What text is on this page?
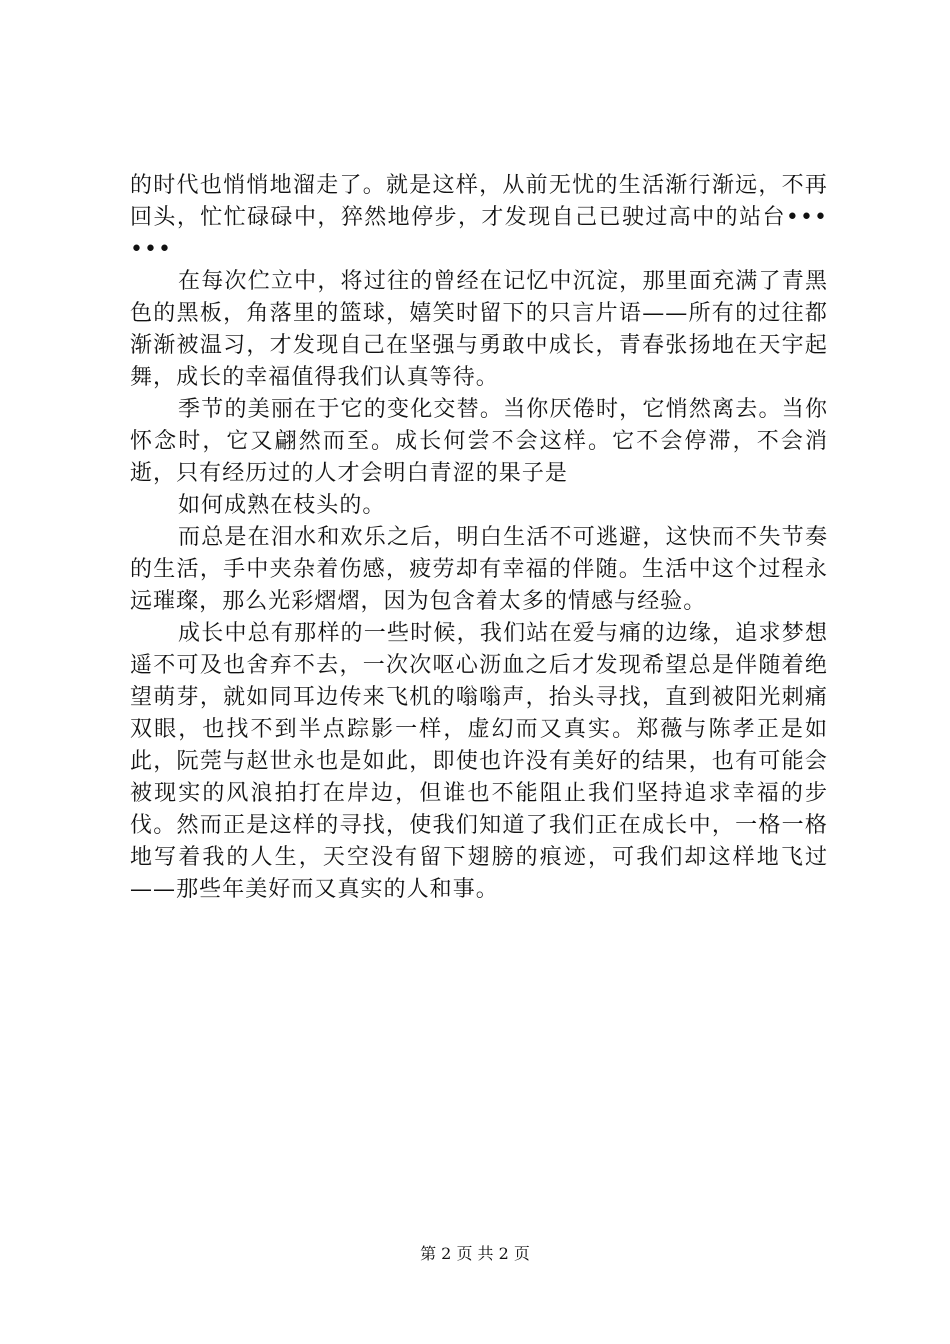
的时代也悄悄地溜走了。就是这样，从前无忧的生活渐行渐远，不再回头，忙忙碌碌中，猝然地停步，才发现自己已驶过高中的站台••••••

在每次伫立中，将过往的曾经在记忆中沉淀，那里面充满了青黑色的黑板，角落里的篮球，嬉笑时留下的只言片语——所有的过往都渐渐被温习，才发现自己在坚强与勇敢中成长，青春张扬地在天宇起舞，成长的幸福值得我们认真等待。

季节的美丽在于它的变化交替。当你厌倦时，它悄然离去。当你怀念时，它又翩然而至。成长何尝不会这样。它不会停滞，不会消逝，只有经历过的人才会明白青涩的果子是

如何成熟在枝头的。

而总是在泪水和欢乐之后，明白生活不可逃避，这快而不失节奏的生活，手中夹杂着伤感，疲劳却有幸福的伴随。生活中这个过程永远璀璨，那么光彩熠熠，因为包含着太多的情感与经验。

成长中总有那样的一些时候，我们站在爱与痛的边缘，追求梦想遥不可及也舍弃不去，一次次呕心沥血之后才发现希望总是伴随着绝望萌芽，就如同耳边传来飞机的嗡嗡声，抬头寻找，直到被阳光刺痛双眼，也找不到半点踪影一样，虚幻而又真实。郑薇与陈孝正是如此，阮莞与赵世永也是如此，即使也许没有美好的结果，也有可能会被现实的风浪拍打在岸边，但谁也不能阻止我们坚持追求幸福的步伐。然而正是这样的寻找，使我们知道了我们正在成长中，一格一格地写着我的人生，天空没有留下翅膀的痕迹，可我们却这样地飞过——那些年美好而又真实的人和事。

第 2 页 共 2 页
